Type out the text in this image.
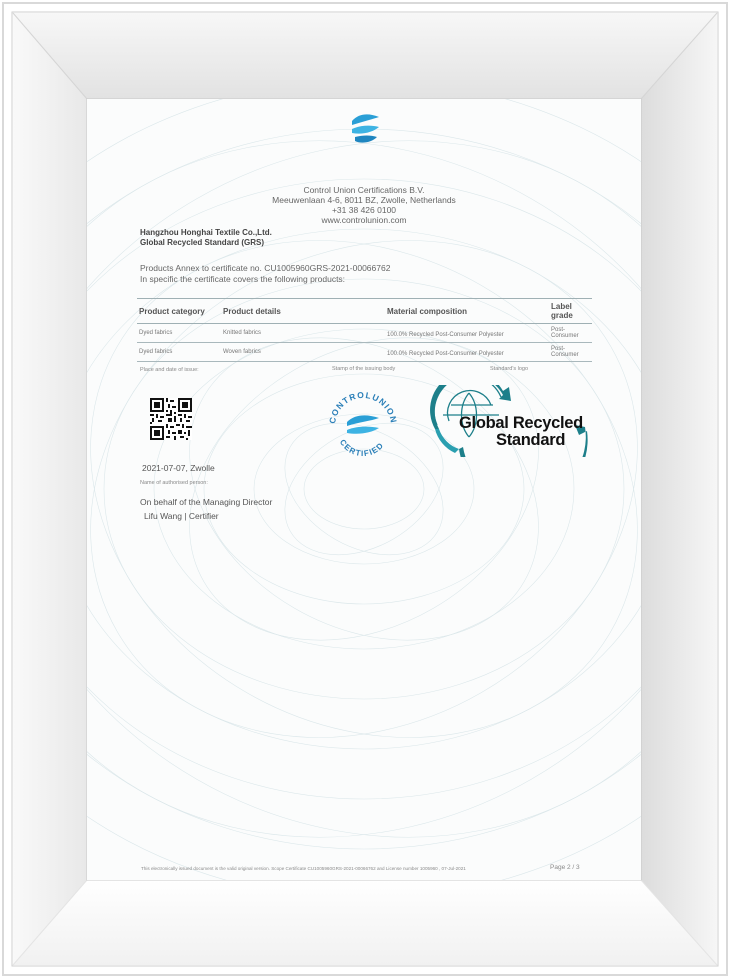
Control Union Certifications B.V.
Meeuwenlaan 4-6, 8011 BZ, Zwolle, Netherlands
+31 38 426 0100
www.controlunion.com
Hangzhou Honghai Textile Co.,Ltd.
Global Recycled Standard (GRS)
Products Annex to certificate no. CU1005960GRS-2021-00066762
In specific the certificate covers the following products:
Product category	Product details	Material composition	Label grade
Dyed fabrics	Knitted fabrics	100.0% Recycled Post-Consumer Polyester	Post-Consumer
Dyed fabrics	Woven fabrics	100.0% Recycled Post-Consumer Polyester	Post-Consumer
Place and date of issue:	Stamp of the issuing body	Standard's logo
CONTROLUNION
CERTIFIED
Global Recycled
Standard
2021-07-07, Zwolle
Name of authorised person:
On behalf of the Managing Director
Lifu Wang | Certifier
This electronically issued document is the valid original version. Scope Certificate CU1005960GRS-2021-00066762 and License number 1005960 , 07-Jul-2021	Page 2 / 3
